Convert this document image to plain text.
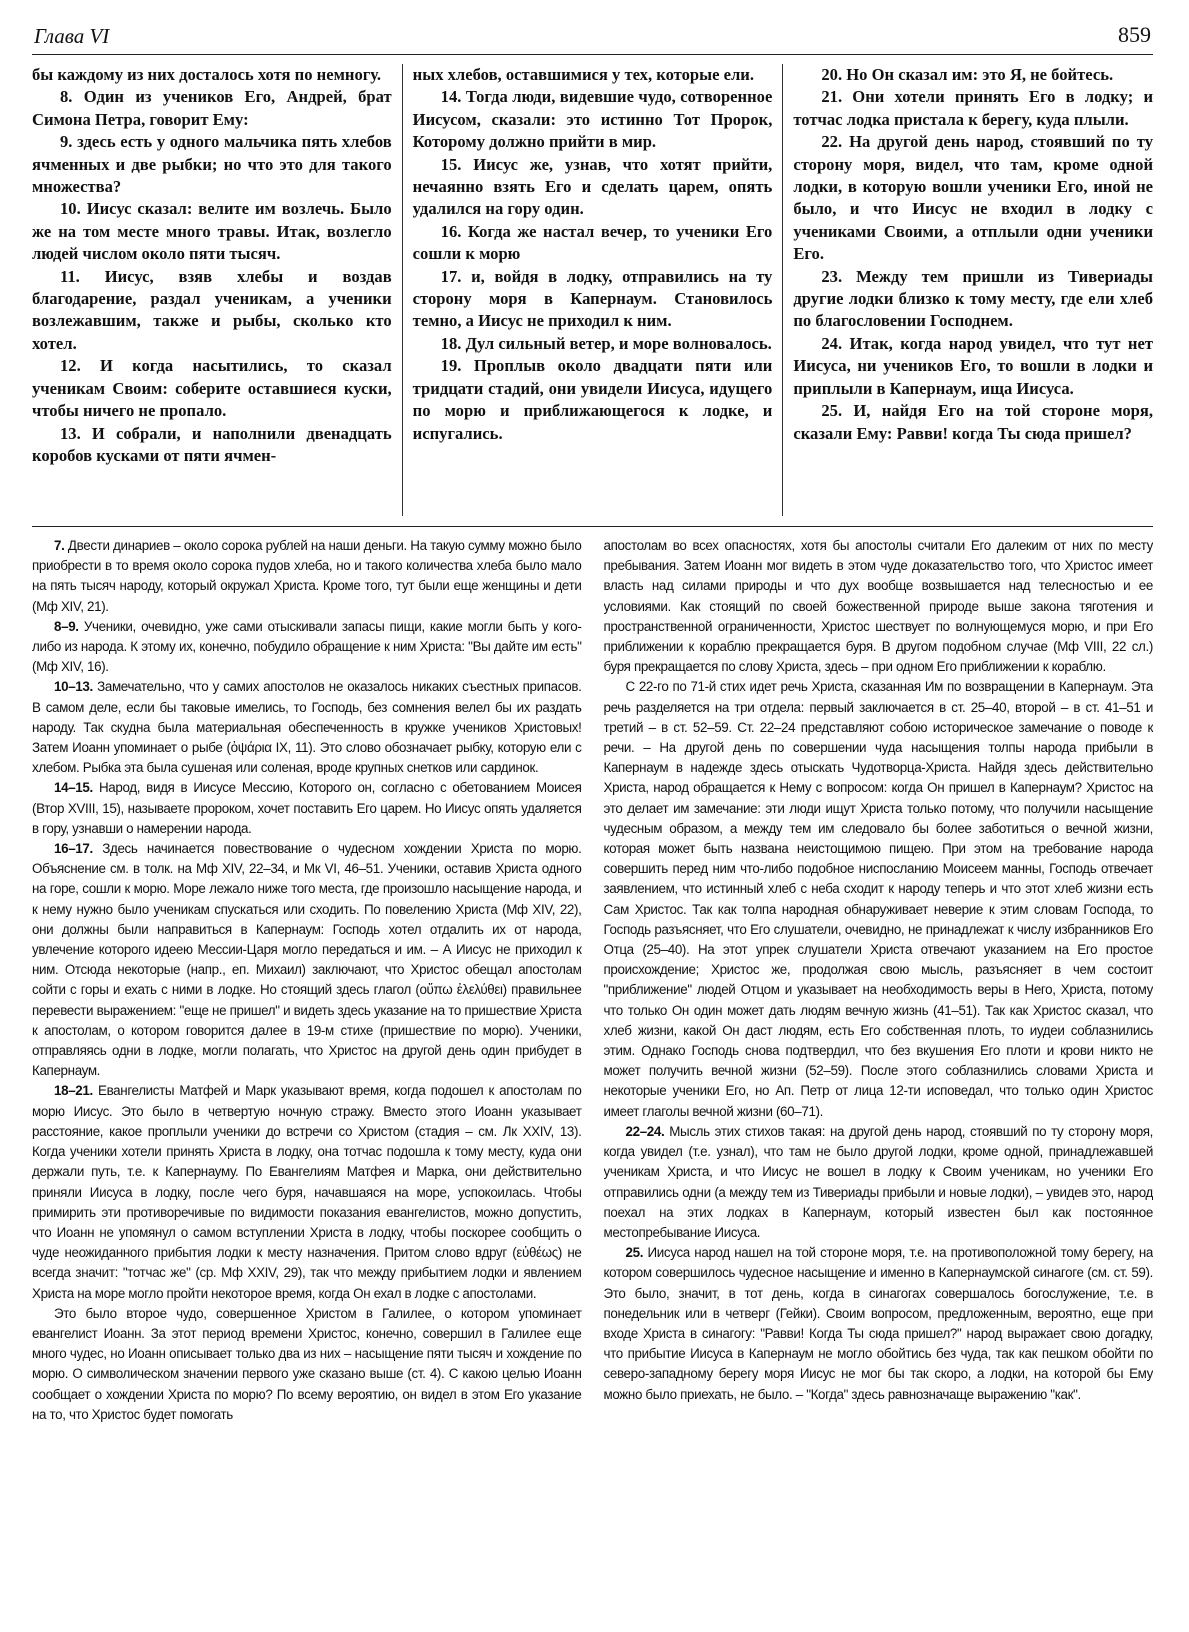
Глава VI	859

бы каждому из них досталось хотя по немногу.

8. Один из учеников Его, Андрей, брат Симона Петра, говорит Ему:

9. здесь есть у одного мальчика пять хлебов ячменных и две рыбки; но что это для такого множества?

10. Иисус сказал: велите им возлечь. Было же на том месте много травы. Итак, возлегло людей числом около пяти тысяч.

11. Иисус, взяв хлебы и воздав благодарение, раздал ученикам, а ученики возлежавшим, также и рыбы, сколько кто хотел.

12. И когда насытились, то сказал ученикам Своим: соберите оставшиеся куски, чтобы ничего не пропало.

13. И собрали, и наполнили двенадцать коробов кусками от пяти ячмен-

ных хлебов, оставшимися у тех, которые ели.

14. Тогда люди, видевшие чудо, сотворенное Иисусом, сказали: это истинно Тот Пророк, Которому должно прийти в мир.

15. Иисус же, узнав, что хотят прийти, нечаянно взять Его и сделать царем, опять удалился на гору один.

16. Когда же настал вечер, то ученики Его сошли к морю

17. и, войдя в лодку, отправились на ту сторону моря в Капернаум. Становилось темно, а Иисус не приходил к ним.

18. Дул сильный ветер, и море волновалось.

19. Проплыв около двадцати пяти или тридцати стадий, они увидели Иисуса, идущего по морю и приближающегося к лодке, и испугались.

20. Но Он сказал им: это Я, не бойтесь.

21. Они хотели принять Его в лодку; и тотчас лодка пристала к берегу, куда плыли.

22. На другой день народ, стоявший по ту сторону моря, видел, что там, кроме одной лодки, в которую вошли ученики Его, иной не было, и что Иисус не входил в лодку с учениками Своими, а отплыли одни ученики Его.

23. Между тем пришли из Тивериады другие лодки близко к тому месту, где ели хлеб по благословении Господнем.

24. Итак, когда народ увидел, что тут нет Иисуса, ни учеников Его, то вошли в лодки и приплыли в Капернаум, ища Иисуса.

25. И, найдя Его на той стороне моря, сказали Ему: Равви! когда Ты сюда пришел?

7. Двести динариев – около сорока рублей на наши деньги. На такую сумму можно было приобрести в то время около сорока пудов хлеба, но и такого количества хлеба было мало на пять тысяч народу, который окружал Христа. Кроме того, тут были еще женщины и дети (Мф XIV, 21).

8–9. Ученики, очевидно, уже сами отыскивали запасы пищи, какие могли быть у кого-либо из народа. К этому их, конечно, побудило обращение к ним Христа: "Вы дайте им есть" (Мф XIV, 16).

10–13. Замечательно, что у самих апостолов не оказалось никаких съестных припасов. В самом деле, если бы таковые имелись, то Господь, без сомнения велел бы их раздать народу. Так скудна была материальная обеспеченность в кружке учеников Христовых! Затем Иоанн упоминает о рыбе (ὀψάρια IX, 11). Это слово обозначает рыбку, которую ели с хлебом. Рыбка эта была сушеная или соленая, вроде крупных снетков или сардинок.

14–15. Народ, видя в Иисусе Мессию, Которого он, согласно с обетованием Моисея (Втор XVIII, 15), называете пророком, хочет поставить Его царем. Но Иисус опять удаляется в гору, узнавши о намерении народа.

16–17. Здесь начинается повествование о чудесном хождении Христа по морю. Объяснение см. в толк. на Мф XIV, 22–34, и Мк VI, 46–51. Ученики, оставив Христа одного на горе, сошли к морю. Море лежало ниже того места, где произошло насыщение народа, и к нему нужно было ученикам спускаться или сходить. По повелению Христа (Мф XIV, 22), они должны были направиться в Капернаум: Господь хотел отдалить их от народа, увлечение которого идеею Мессии-Царя могло передаться и им. – А Иисус не приходил к ним. Отсюда некоторые (напр., еп. Михаил) заключают, что Христос обещал апостолам сойти с горы и ехать с ними в лодке. Но стоящий здесь глагол (οὔπω ἐλελύθει) правильнее перевести выражением: "еще не пришел" и видеть здесь указание на то пришествие Христа к апостолам, о котором говорится далее в 19-м стихе (пришествие по морю). Ученики, отправляясь одни в лодке, могли полагать, что Христос на другой день один прибудет в Капернаум.

18–21. Евангелисты Матфей и Марк указывают время, когда подошел к апостолам по морю Иисус. Это было в четвертую ночную стражу. Вместо этого Иоанн указывает расстояние, какое проплыли ученики до встречи со Христом (стадия – см. Лк XXIV, 13). Когда ученики хотели принять Христа в лодку, она тотчас подошла к тому месту, куда они держали путь, т.е. к Капернауму. По Евангелиям Матфея и Марка, они действительно приняли Иисуса в лодку, после чего буря, начавшаяся на море, успокоилась. Чтобы примирить эти противоречивые по видимости показания евангелистов, можно допустить, что Иоанн не упомянул о самом вступлении Христа в лодку, чтобы поскорее сообщить о чуде неожиданного прибытия лодки к месту назначения. Притом слово вдруг (εὐθέως) не всегда значит: "тотчас же" (ср. Мф XXIV, 29), так что между прибытием лодки и явлением Христа на море могло пройти некоторое время, когда Он ехал в лодке с апостолами.

Это было второе чудо, совершенное Христом в Галилее, о котором упоминает евангелист Иоанн. За этот период времени Христос, конечно, совершил в Галилее еще много чудес, но Иоанн описывает только два из них – насыщение пяти тысяч и хождение по морю. О символическом значении первого уже сказано выше (ст. 4). С какою целью Иоанн сообщает о хождении Христа по морю? По всему вероятию, он видел в этом Его указание на то, что Христос будет помогать

апостолам во всех опасностях, хотя бы апостолы считали Его далеким от них по месту пребывания. Затем Иоанн мог видеть в этом чуде доказательство того, что Христос имеет власть над силами природы и что дух вообще возвышается над телесностью и ее условиями. Как стоящий по своей божественной природе выше закона тяготения и пространственной ограниченности, Христос шествует по волнующемуся морю, и при Его приближении к кораблю прекращается буря. В другом подобном случае (Мф VIII, 22 сл.) буря прекращается по слову Христа, здесь – при одном Его приближении к кораблю.

С 22-го по 71-й стих идет речь Христа, сказанная Им по возвращении в Капернаум. Эта речь разделяется на три отдела: первый заключается в ст. 25–40, второй – в ст. 41–51 и третий – в ст. 52–59. Ст. 22–24 представляют собою историческое замечание о поводе к речи. – На другой день по совершении чуда насыщения толпы народа прибыли в Капернаум в надежде здесь отыскать Чудотворца-Христа. Найдя здесь действительно Христа, народ обращается к Нему с вопросом: когда Он пришел в Капернаум? Христос на это делает им замечание: эти люди ищут Христа только потому, что получили насыщение чудесным образом, а между тем им следовало бы более заботиться о вечной жизни, которая может быть названа неистощимою пищею. При этом на требование народа совершить перед ним что-либо подобное ниспосланию Моисеем манны, Господь отвечает заявлением, что истинный хлеб с неба сходит к народу теперь и что этот хлеб жизни есть Сам Христос. Так как толпа народная обнаруживает неверие к этим словам Господа, то Господь разъясняет, что Его слушатели, очевидно, не принадлежат к числу избранников Его Отца (25–40). На этот упрек слушатели Христа отвечают указанием на Его простое происхождение; Христос же, продолжая свою мысль, разъясняет в чем состоит "приближение" людей Отцом и указывает на необходимость веры в Него, Христа, потому что только Он один может дать людям вечную жизнь (41–51). Так как Христос сказал, что хлеб жизни, какой Он даст людям, есть Его собственная плоть, то иудеи соблазнились этим. Однако Господь снова подтвердил, что без вкушения Его плоти и крови никто не может получить вечной жизни (52–59). После этого соблазнились словами Христа и некоторые ученики Его, но Ап. Петр от лица 12-ти исповедал, что только один Христос имеет глаголы вечной жизни (60–71).

22–24. Мысль этих стихов такая: на другой день народ, стоявший по ту сторону моря, когда увидел (т.е. узнал), что там не было другой лодки, кроме одной, принадлежавшей ученикам Христа, и что Иисус не вошел в лодку к Своим ученикам, но ученики Его отправились одни (а между тем из Тивериады прибыли и новые лодки), – увидев это, народ поехал на этих лодках в Капернаум, который известен был как постоянное местопребывание Иисуса.

25. Иисуса народ нашел на той стороне моря, т.е. на противоположной тому берегу, на котором совершилось чудесное насыщение и именно в Капернаумской синагоге (см. ст. 59). Это было, значит, в тот день, когда в синагогах совершалось богослужение, т.е. в понедельник или в четверг (Гейки). Своим вопросом, предложенным, вероятно, еще при входе Христа в синагогу: "Равви! Когда Ты сюда пришел?" народ выражает свою догадку, что прибытие Иисуса в Капернаум не могло обойтись без чуда, так как пешком обойти по северо-западному берегу моря Иисус не мог бы так скоро, а лодки, на которой бы Ему можно было приехать, не было. – "Когда" здесь равнозначаще выражению "как".
